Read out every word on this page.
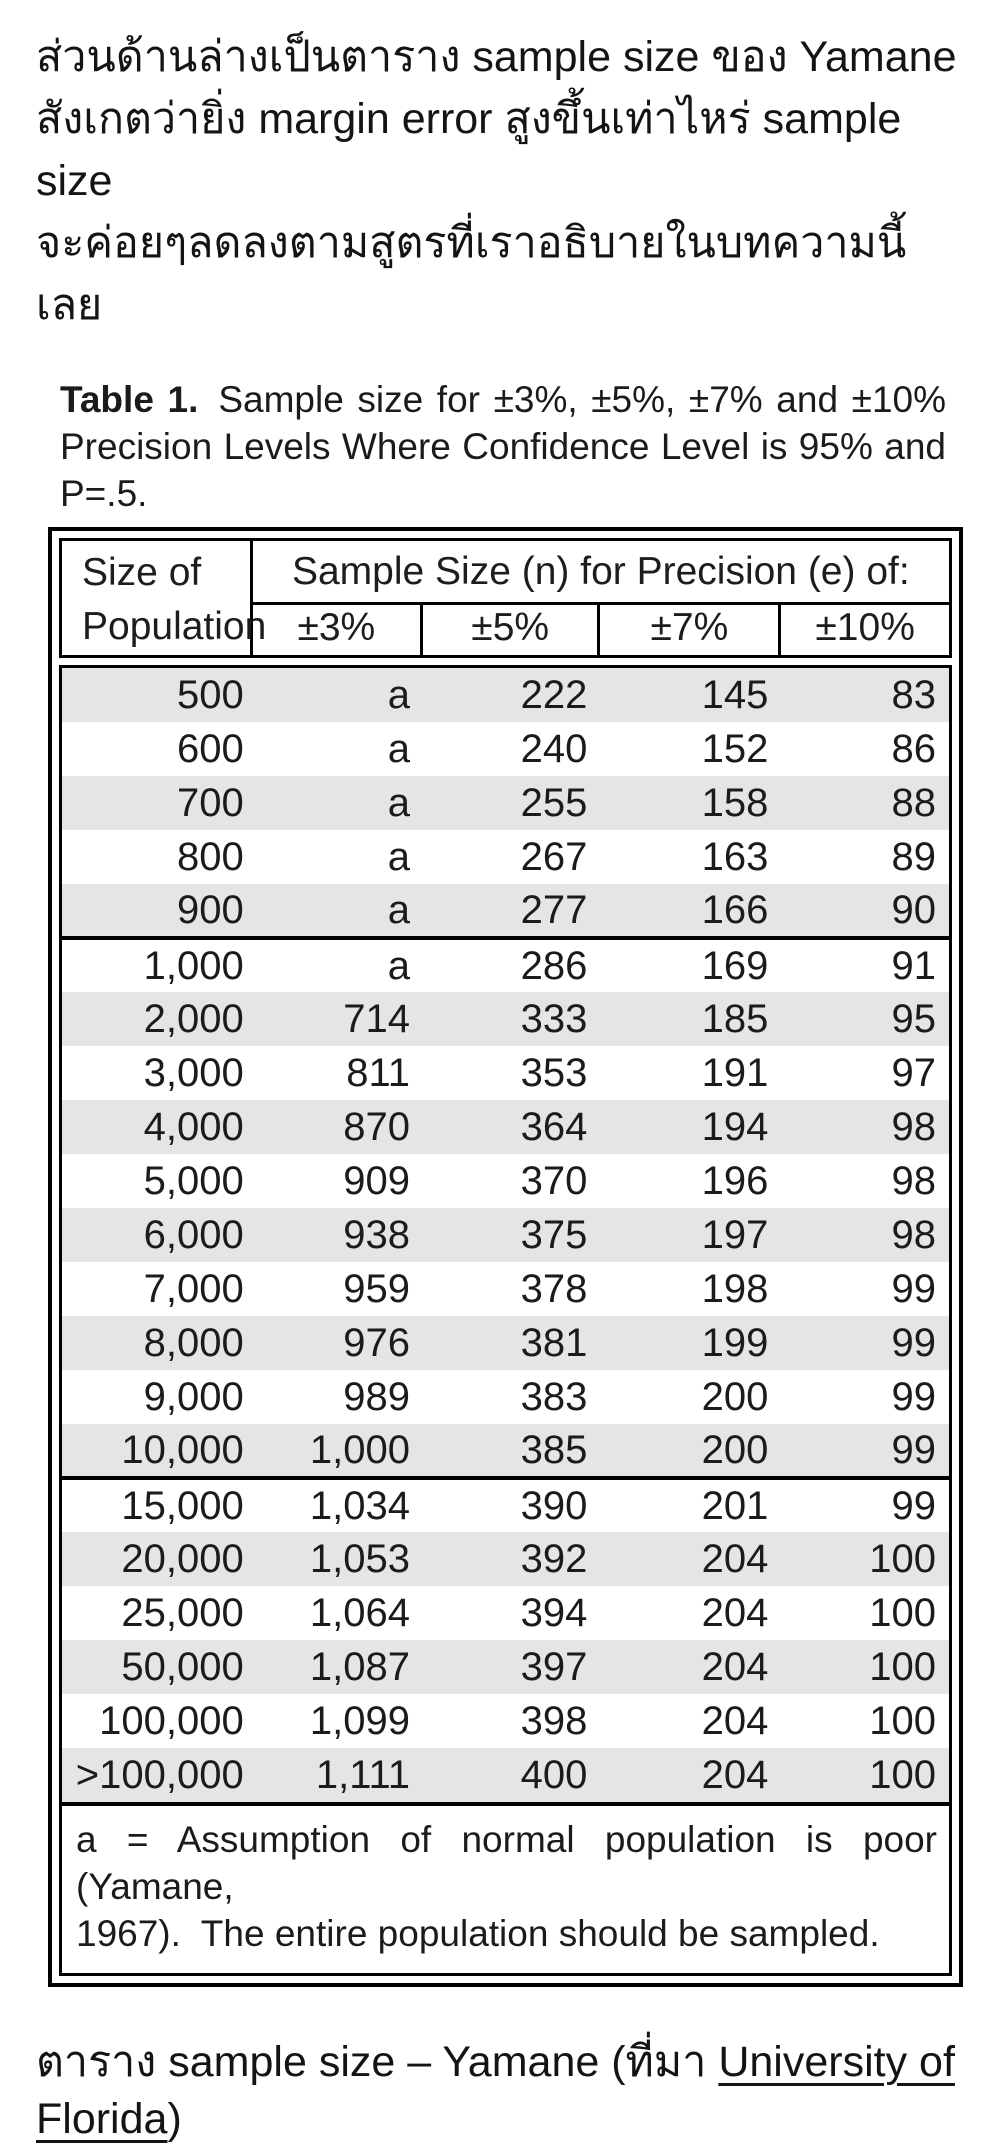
ส่วนด้านล่างเป็นตาราง sample size ของ Yamane
สังเกตว่ายิ่ง margin error สูงขึ้นเท่าไหร่ sample size
จะค่อยๆลดลงตามสูตรที่เราอธิบายในบทความนี้เลย
Table 1. Sample size for ±3%, ±5%, ±7% and ±10%
Precision Levels Where Confidence Level is 95% and
P=.5.
Size of
Population
Sample Size (n) for Precision (e) of:
±3%	±5%	±7%	±10%
500	a	222	145	83
600	a	240	152	86
700	a	255	158	88
800	a	267	163	89
900	a	277	166	90
1,000	a	286	169	91
2,000	714	333	185	95
3,000	811	353	191	97
4,000	870	364	194	98
5,000	909	370	196	98
6,000	938	375	197	98
7,000	959	378	198	99
8,000	976	381	199	99
9,000	989	383	200	99
10,000	1,000	385	200	99
15,000	1,034	390	201	99
20,000	1,053	392	204	100
25,000	1,064	394	204	100
50,000	1,087	397	204	100
100,000	1,099	398	204	100
>100,000	1,111	400	204	100
a = Assumption of normal population is poor (Yamane,
1967).  The entire population should be sampled.
ตาราง sample size – Yamane (ที่มา University of Florida)
